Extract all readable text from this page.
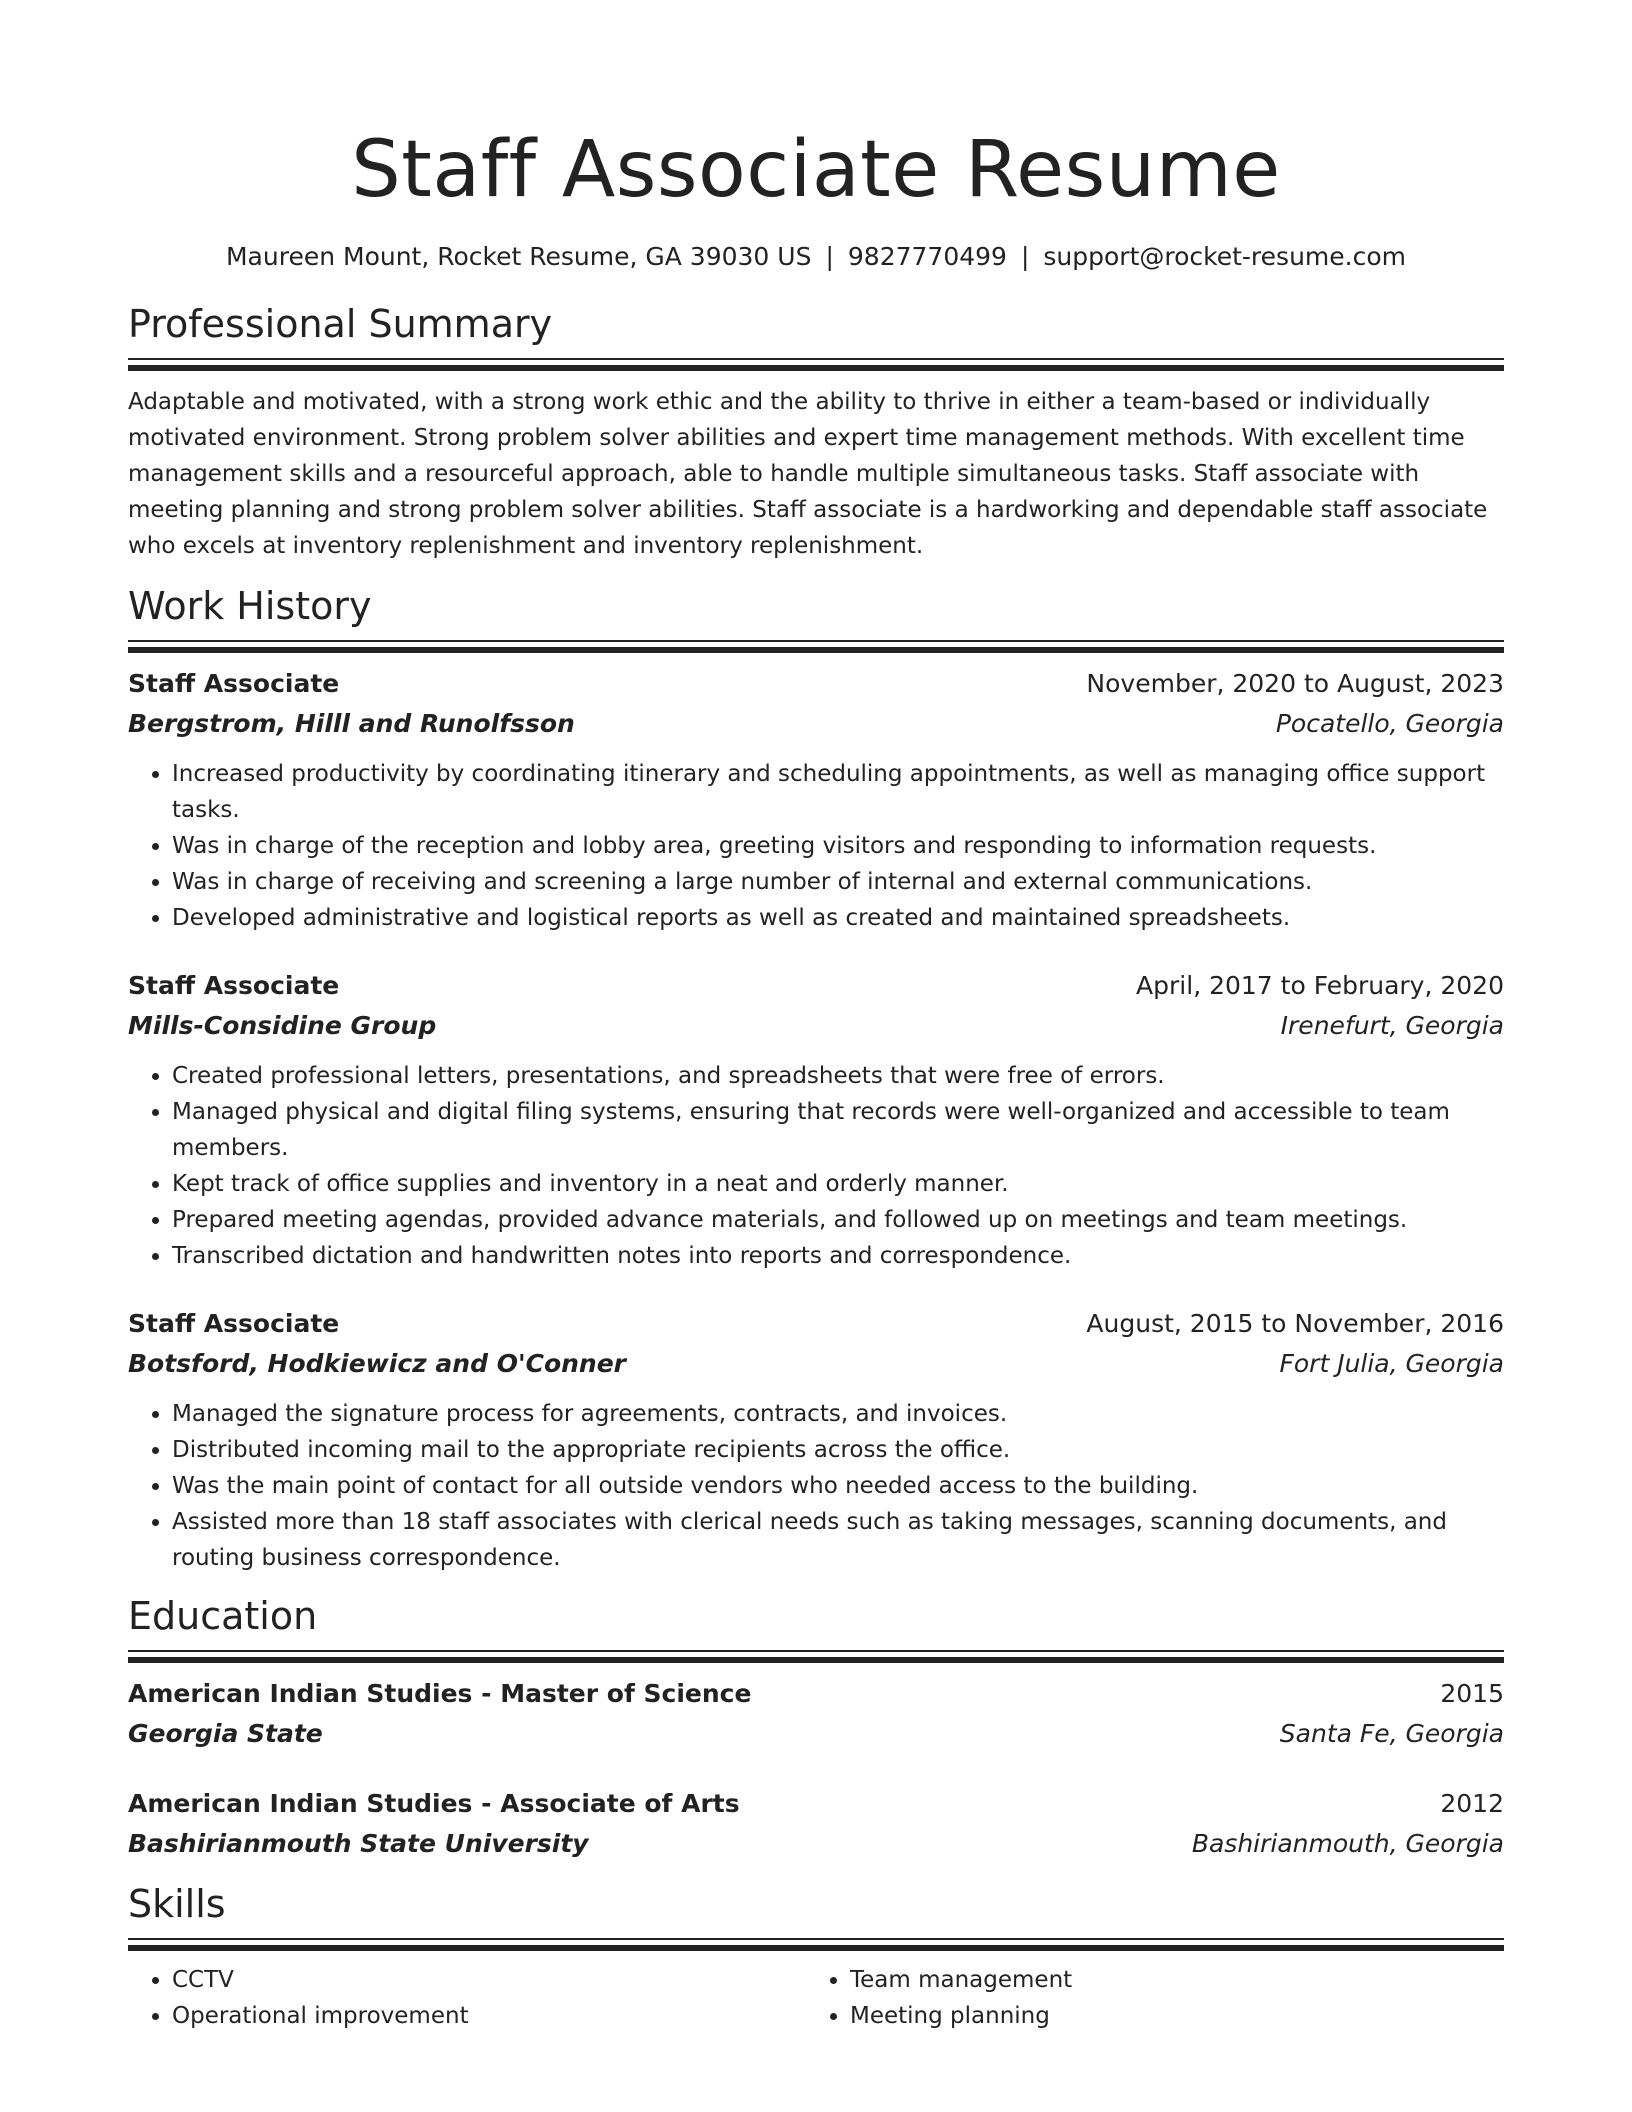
Staff Associate Resume
Maureen Mount, Rocket Resume, GA 39030 US | 9827770499 | support@rocket-resume.com
Professional Summary

Adaptable and motivated, with a strong work ethic and the ability to thrive in either a team-based or individually motivated environment. Strong problem solver abilities and expert time management methods. With excellent time management skills and a resourceful approach, able to handle multiple simultaneous tasks. Staff associate with meeting planning and strong problem solver abilities. Staff associate is a hardworking and dependable staff associate who excels at inventory replenishment and inventory replenishment.

Work History
Staff Associate	November, 2020 to August, 2023
Bergstrom, Hilll and Runolfsson	Pocatello, Georgia
• Increased productivity by coordinating itinerary and scheduling appointments, as well as managing office support tasks.
• Was in charge of the reception and lobby area, greeting visitors and responding to information requests.
• Was in charge of receiving and screening a large number of internal and external communications.
• Developed administrative and logistical reports as well as created and maintained spreadsheets.
Staff Associate	April, 2017 to February, 2020
Mills-Considine Group	Irenefurt, Georgia
• Created professional letters, presentations, and spreadsheets that were free of errors.
• Managed physical and digital filing systems, ensuring that records were well-organized and accessible to team members.
• Kept track of office supplies and inventory in a neat and orderly manner.
• Prepared meeting agendas, provided advance materials, and followed up on meetings and team meetings.
• Transcribed dictation and handwritten notes into reports and correspondence.
Staff Associate	August, 2015 to November, 2016
Botsford, Hodkiewicz and O'Conner	Fort Julia, Georgia
• Managed the signature process for agreements, contracts, and invoices.
• Distributed incoming mail to the appropriate recipients across the office.
• Was the main point of contact for all outside vendors who needed access to the building.
• Assisted more than 18 staff associates with clerical needs such as taking messages, scanning documents, and routing business correspondence.
Education
American Indian Studies - Master of Science	2015
Georgia State	Santa Fe, Georgia
American Indian Studies - Associate of Arts	2012
Bashirianmouth State University	Bashirianmouth, Georgia
Skills
• CCTV
• Operational improvement
• Team management
• Meeting planning
